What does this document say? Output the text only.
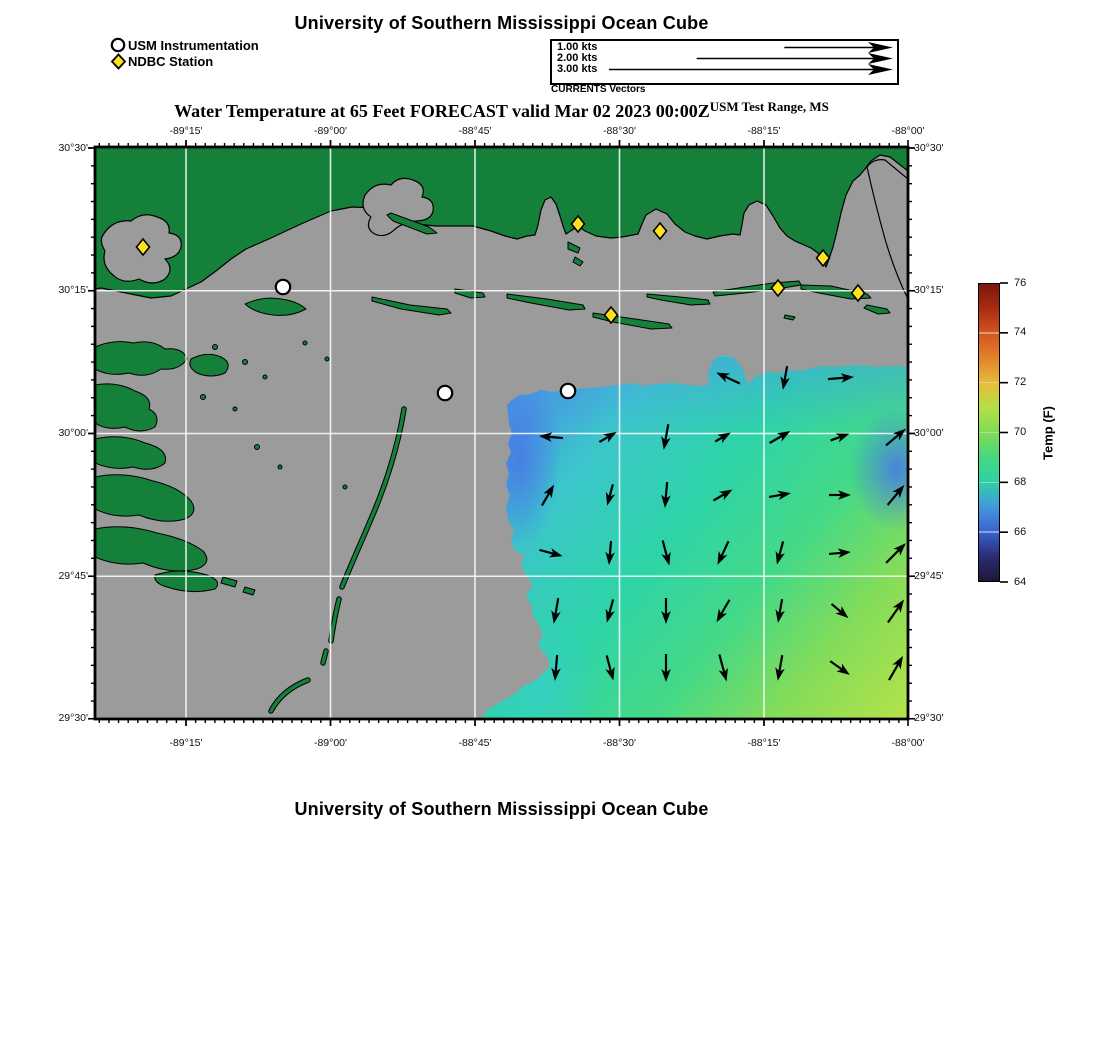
University of Southern Mississippi Ocean Cube
USM Instrumentation
NDBC Station
1.00 kts
2.00 kts
3.00 kts
CURRENTS Vectors
Water Temperature at 65 Feet FORECAST valid Mar 02 2023 $00:00Z^{USM Test Range, MS}$
-89°15'	-89°00'	-88°45'	-88°30'	-88°15'	-88°00'
-89°15'	-89°00'	-88°45'	-88°30'	-88°15'	-88°00'
30°30'
30°15'
30°00'
29°45'
29°30'
30°30'
30°15'
30°00'
29°45'
29°30'
64
66
68
70
72
74
76
Temp (F)
University of Southern Mississippi Ocean Cube
